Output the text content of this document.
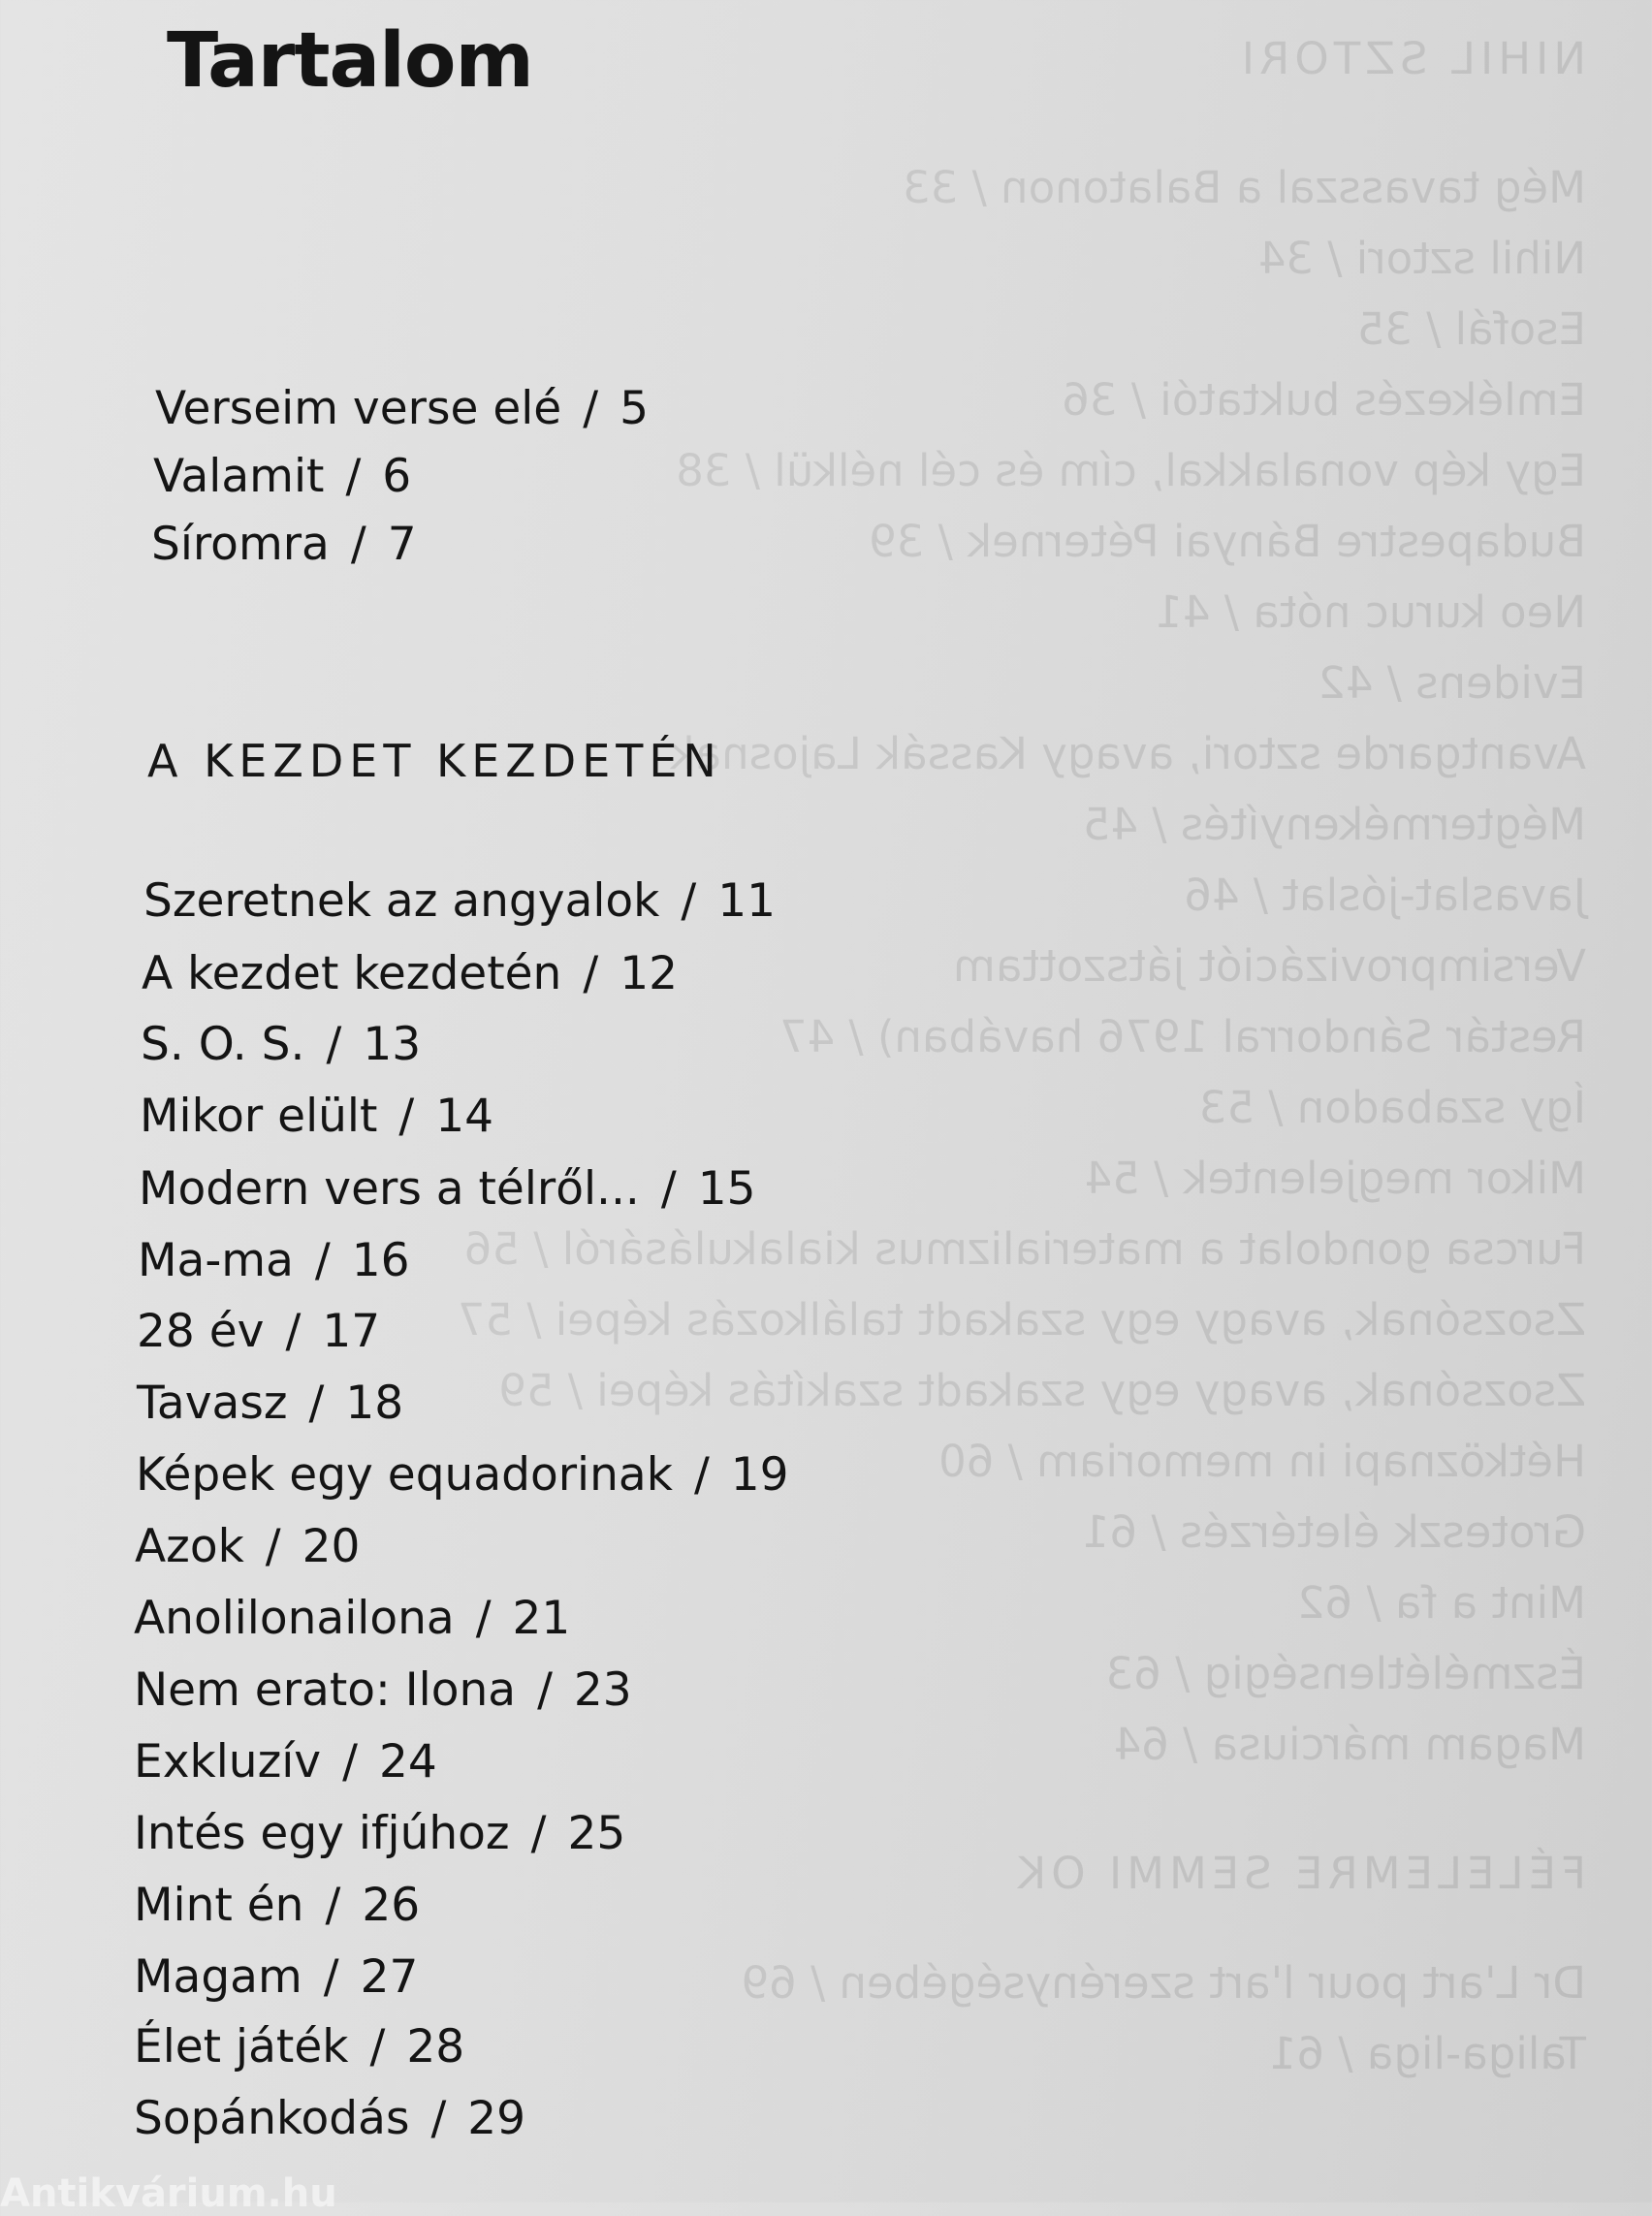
NIHIL SZTORI
Még tavasszal a Balatonon / 33
Nihil sztori / 34
Esofál / 35
Emlékezés buktatói / 36
Egy kép vonalakkal, cím és cél nélkül / 38
Budapestre Bányai Péternek / 39
Neo kuruc nóta / 41
Evidens / 42
Avantgarde sztori, avagy Kassák Lajosnak
Mégtermékenyítés / 45
Javaslat-jóslat / 46
Versimprovizációt játszottam
Restár Sándorral 1976 havában) / 47
Így szabadon / 53
Mikor megjelentek / 54
Furcsa gondolat a materializmus kialakulásáról / 56
Zsozsónak, avagy egy szakadt találkozás képei / 57
Zsozsónak, avagy egy szakadt szakítás képei / 59
Hétköznapi in memoriam / 60
Groteszk életérzés / 61
Mint a fa / 62
Észmélétlenségig / 63
Magam márciusa / 64
FÉLELEMRE SEMMI OK
Dr L'art pour l'art szerénységében / 69
Taliga-liga / 61
Tartalom
Verseim verse elé / 5
Valamit / 6
Síromra / 7
A KEZDET KEZDETÉN
Szeretnek az angyalok / 11
A kezdet kezdetén / 12
S. O. S. / 13
Mikor elült / 14
Modern vers a télről... / 15
Ma-ma / 16
28 év / 17
Tavasz / 18
Képek egy equadorinak / 19
Azok / 20
Anolilonailona / 21
Nem erato: Ilona / 23
Exkluzív / 24
Intés egy ifjúhoz / 25
Mint én / 26
Magam / 27
Élet játék / 28
Sopánkodás / 29
Antikvárium.hu
